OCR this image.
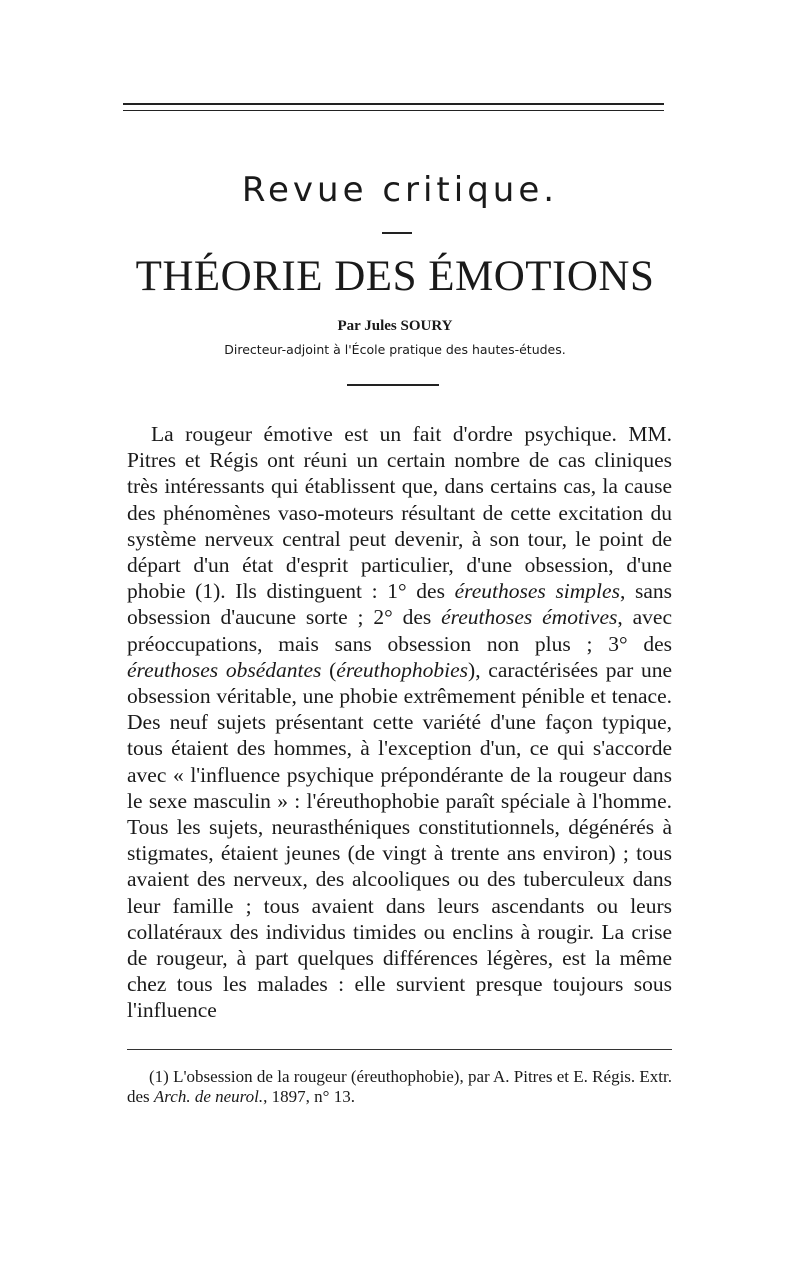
Revue critique.
THÉORIE DES ÉMOTIONS
Par Jules SOURY
Directeur-adjoint à l'École pratique des hautes-études.

La rougeur émotive est un fait d'ordre psychique. MM. Pitres et Régis ont réuni un certain nombre de cas cliniques très intéressants qui établissent que, dans certains cas, la cause des phénomènes vaso-moteurs résultant de cette excitation du système nerveux central peut devenir, à son tour, le point de départ d'un état d'esprit particulier, d'une obsession, d'une phobie (1). Ils distinguent : 1° des éreuthoses simples, sans obsession d'aucune sorte ; 2° des éreuthoses émotives, avec préoccupations, mais sans obsession non plus ; 3° des éreuthoses obsédantes (éreuthophobies), caractérisées par une obsession véritable, une phobie extrêmement pénible et tenace. Des neuf sujets présentant cette variété d'une façon typique, tous étaient des hommes, à l'exception d'un, ce qui s'accorde avec « l'influence psychique prépondérante de la rougeur dans le sexe masculin » : l'éreuthophobie paraît spéciale à l'homme. Tous les sujets, neurasthéniques constitutionnels, dégénérés à stigmates, étaient jeunes (de vingt à trente ans environ) ; tous avaient des nerveux, des alcooliques ou des tuberculeux dans leur famille ; tous avaient dans leurs ascendants ou leurs collatéraux des individus timides ou enclins à rougir. La crise de rougeur, à part quelques différences légères, est la même chez tous les malades : elle survient presque toujours sous l'influence

(1) L'obsession de la rougeur (éreuthophobie), par A. Pitres et E. Régis. Extr. des Arch. de neurol., 1897, n° 13.
